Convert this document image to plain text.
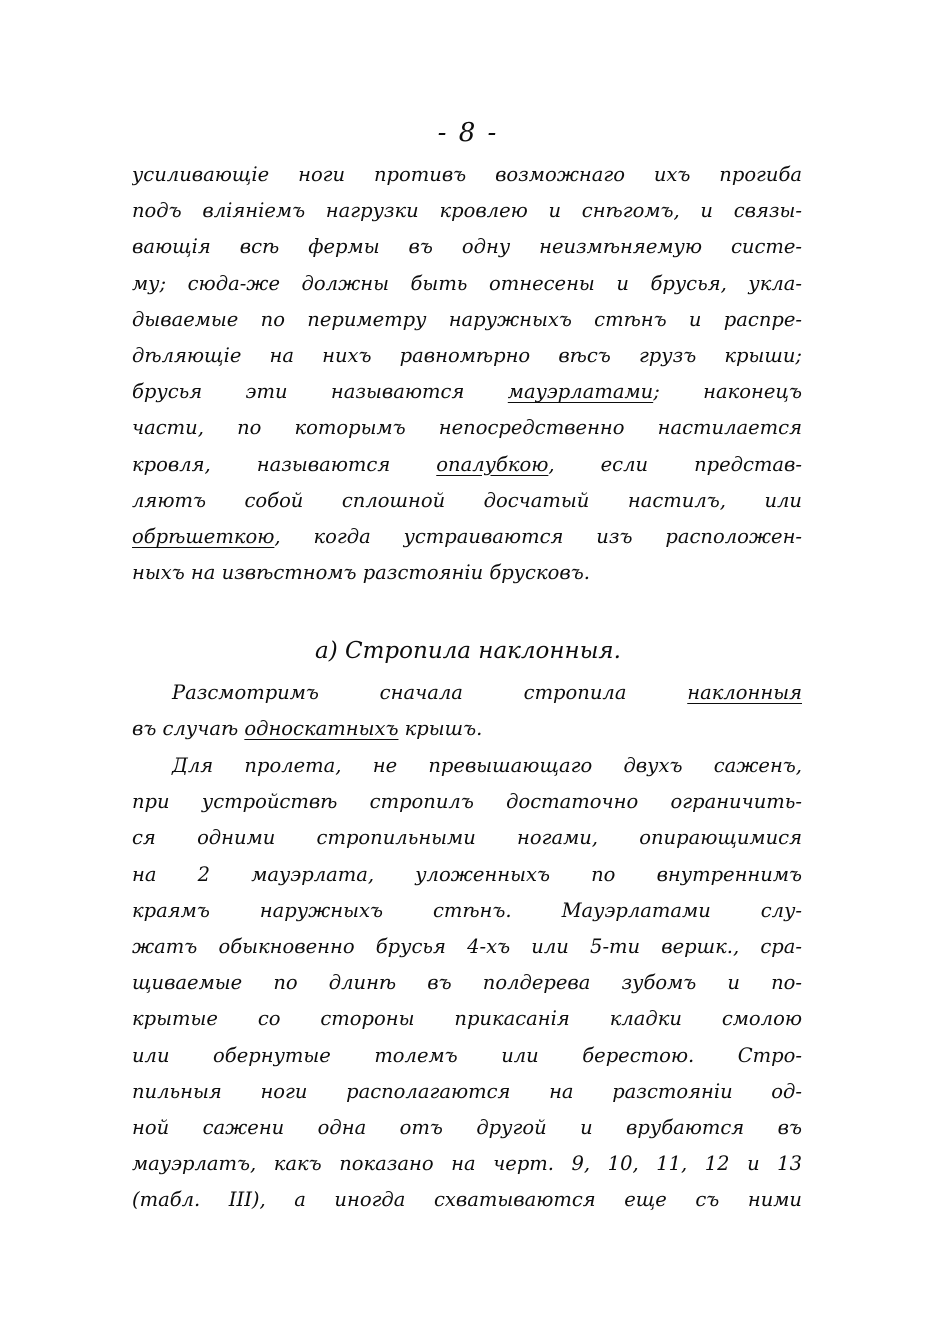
- 8 -
усиливающiе ноги противъ возможнаго ихъ прогиба
подъ влiянiемъ нагрузки кровлею и снѣгомъ, и связы-
вающiя всѣ фермы въ одну неизмѣняемую систе-
му; сюда-же должны быть отнесены и брусья, укла-
дываемые по периметру наружныхъ стѣнъ и распре-
дѣляющiе на нихъ равномѣрно вѣсъ грузъ крыши;
брусья эти называются мауэрлатами; наконецъ
части, по которымъ непосредственно настилается
кровля, называются опалубкою, если представ-
ляютъ собой сплошной досчатый настилъ, или
обрѣшеткою, когда устраиваются изъ расположен-
ныхъ на извѣстномъ разстоянiи брусковъ.
а) Стропила наклонныя.
Разсмотримъ сначала стропила	наклонныя
въ случаѣ односкатныхъ крышъ.
Для пролета, не превышающаго двухъ саженъ,
при устройствѣ стропилъ достаточно ограничить-
ся одними стропильными ногами, опирающимися
на 2 мауэрлата, уложенныхъ по внутреннимъ
краямъ наружныхъ стѣнъ. Мауэрлатами слу-
жатъ обыкновенно брусья 4-хъ или 5-ти вершк., сра-
щиваемые по длинѣ въ полдерева зубомъ и по-
крытые со стороны прикасанiя кладки смолою
или обернутые толемъ или берестою. Стро-
пильныя ноги располагаются на разстоянiи од-
ной сажени одна отъ другой и врубаются въ
мауэрлатъ, какъ показано на черт. 9, 10, 11, 12 и 13
(табл. III), а иногда схватываются еще съ ними
